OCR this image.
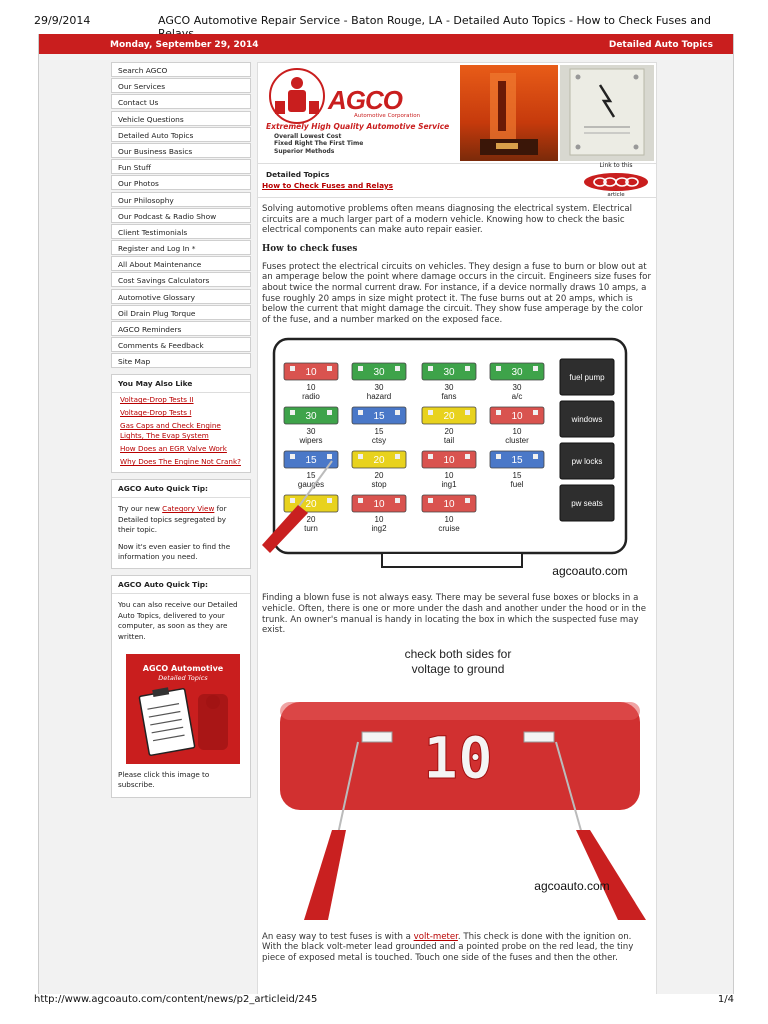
29/9/2014	AGCO Automotive Repair Service - Baton Rouge, LA - Detailed Auto Topics - How to Check Fuses and
Monday, September 29, 2014	Detailed Auto Topics
Search AGCO
Our Services
Contact Us
Vehicle Questions
Detailed Auto Topics
Our Business Basics
Fun Stuff
Our Photos
Our Philosophy
Our Podcast & Radio Show
Client Testimonials
Register and Log In *
All About Maintenance
Cost Savings Calculators
Automotive Glossary
Oil Drain Plug Torque
AGCO Reminders
Comments & Feedback
Site Map
You May Also Like
Voltage-Drop Tests II
Voltage-Drop Tests I
Gas Caps and Check Engine Lights, The Evap System
How Does an EGR Valve Work
Why Does The Engine Not Crank?
AGCO Auto Quick Tip:
Try our new Category View for Detailed topics segregated by their topic.
Now it's even easier to find the information you need.
AGCO Auto Quick Tip:
You can also receive our Detailed Auto Topics, delivered to your computer, as soon as they are written.
AGCO Automotive
Detailed Topics
Please click this image to subscribe.
AGCO
Automotive Corporation
Extremely High Quality Automotive Service
Overall Lowest Cost
Fixed Right The First Time
Superior Methods
Detailed Topics
How to Check Fuses and Relays
Link to this
article

Solving automotive problems often means diagnosing the electrical system. Electrical circuits are a much larger part of a modern vehicle. Knowing how to check the basic electrical components can make auto repair easier.

How to check fuses

Fuses protect the electrical circuits on vehicles. They design a fuse to burn or blow out at an amperage below the point where damage occurs in the circuit. Engineers size fuses for about twice the normal current draw. For instance, if a device normally draws 10 amps, a fuse roughly 20 amps in size might protect it. The fuse burns out at 20 amps, which is below the current that might damage the circuit. They show fuse amperage by the color of the fuse, and a number marked on the exposed face.

10
10
radio
30
30
hazard
30
30
fans
30
30
a/c
30
30
wipers
15
15
ctsy
20
20
tail
10
10
cluster
15
15
gauges
20
20
stop
10
10
ing1
15
15
fuel
20
20
turn
10
10
ing2
10
10
cruise
fuel pump
windows
pw locks
pw seats
agcoauto.com

Finding a blown fuse is not always easy. There may be several fuse boxes or blocks in a vehicle. Often, there is one or more under the dash and another under the hood or in the trunk. An owner's manual is handy in locating the box in which the suspected fuse may exist.

check both sides for
voltage to ground
10
agcoauto.com

An easy way to test fuses is with a volt-meter. This check is done with the ignition on. With the black volt-meter lead grounded and a pointed probe on the red lead, the tiny piece of exposed metal is touched. Touch one side of the fuses and then the other.

http://www.agcoauto.com/content/news/p2_articleid/245	1/4
